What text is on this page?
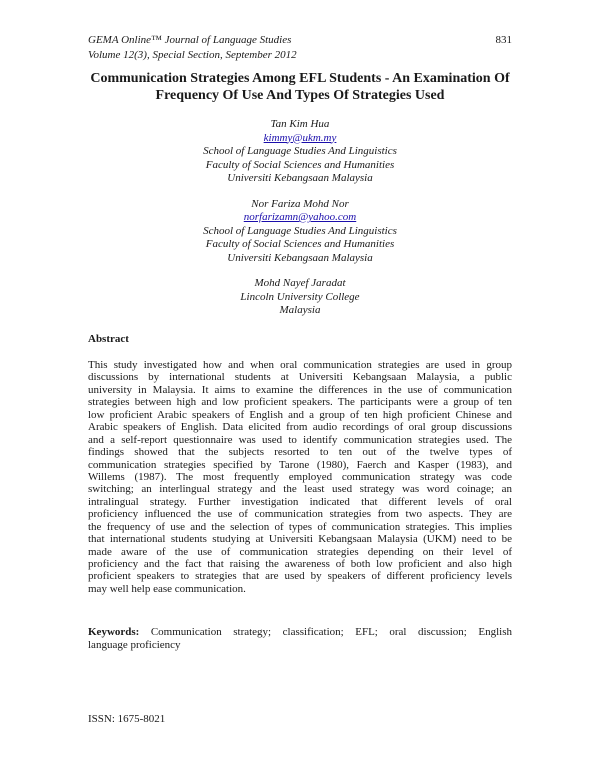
GEMA Online™ Journal of Language Studies
Volume 12(3), Special Section, September 2012
831
Communication Strategies Among EFL Students - An Examination Of
Frequency Of Use And Types Of Strategies Used
Tan Kim Hua
kimmy@ukm.my
School of Language Studies And Linguistics
Faculty of Social Sciences and Humanities
Universiti Kebangsaan Malaysia
Nor Fariza Mohd Nor
norfarizamn@yahoo.com
School of Language Studies And Linguistics
Faculty of Social Sciences and Humanities
Universiti Kebangsaan Malaysia
Mohd Nayef Jaradat
Lincoln University College
Malaysia
Abstract
This study investigated how and when oral communication strategies are used in group
discussions by international students at Universiti Kebangsaan Malaysia, a public
university in Malaysia. It aims to examine the differences in the use of communication
strategies between high and low proficient speakers. The participants were a group of ten
low proficient Arabic speakers of English and a group of ten high proficient Chinese and
Arabic speakers of English. Data elicited from audio recordings of oral group discussions
and a self-report questionnaire was used to identify communication strategies used. The
findings showed that the subjects resorted to ten out of the twelve types of
communication strategies specified by Tarone (1980), Faerch and Kasper (1983), and
Willems (1987). The most frequently employed communication strategy was code
switching; an interlingual strategy and the least used strategy was word coinage; an
intralingual strategy. Further investigation indicated that different levels of oral
proficiency influenced the use of communication strategies from two aspects. They are
the frequency of use and the selection of types of communication strategies. This implies
that international students studying at Universiti Kebangsaan Malaysia (UKM) need to be
made aware of the use of communication strategies depending on their level of
proficiency and the fact that raising the awareness of both low proficient and also high
proficient speakers to strategies that are used by speakers of different proficiency levels
may well help ease communication.
Keywords: Communication strategy; classification; EFL; oral discussion; English
language proficiency
ISSN: 1675-8021
